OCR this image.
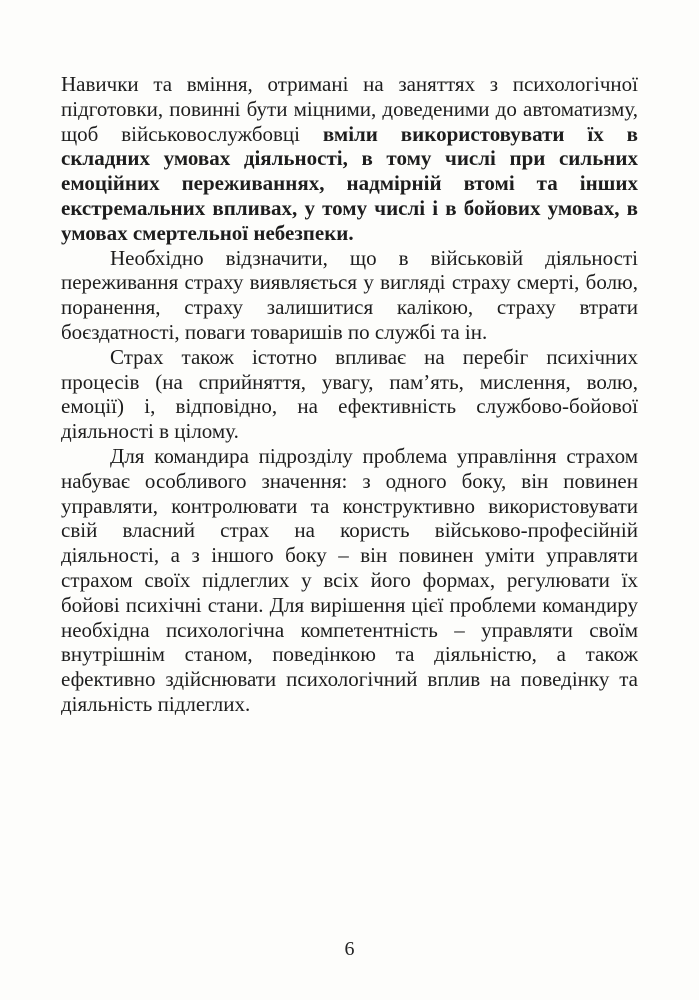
Навички та вміння, отримані на заняттях з психологічної підготовки, повинні бути міцними, доведеними до автоматизму, щоб військовослужбовці вміли використовувати їх в складних умовах діяльності, в тому числі при сильних емоційних переживаннях, надмірній втомі та інших екстремальних впливах, у тому числі і в бойових умовах, в умовах смертельної небезпеки.

Необхідно відзначити, що в військовій діяльності переживання страху виявляється у вигляді страху смерті, болю, поранення, страху залишитися калікою, страху втрати боєздатності, поваги товаришів по службі та ін.

Страх також істотно впливає на перебіг психічних процесів (на сприйняття, увагу, пам’ять, мислення, волю, емоції) і, відповідно, на ефективність службово-бойової діяльності в цілому.

Для командира підрозділу проблема управління страхом набуває особливого значення: з одного боку, він повинен управляти, контролювати та конструктивно використовувати свій власний страх на користь військово-професійній діяльності, а з іншого боку – він повинен уміти управляти страхом своїх підлеглих у всіх його формах, регулювати їх бойові психічні стани. Для вирішення цієї проблеми командиру необхідна психологічна компетентність – управляти своїм внутрішнім станом, поведінкою та діяльністю, а також ефективно здійснювати психологічний вплив на поведінку та діяльність підлеглих.

6
